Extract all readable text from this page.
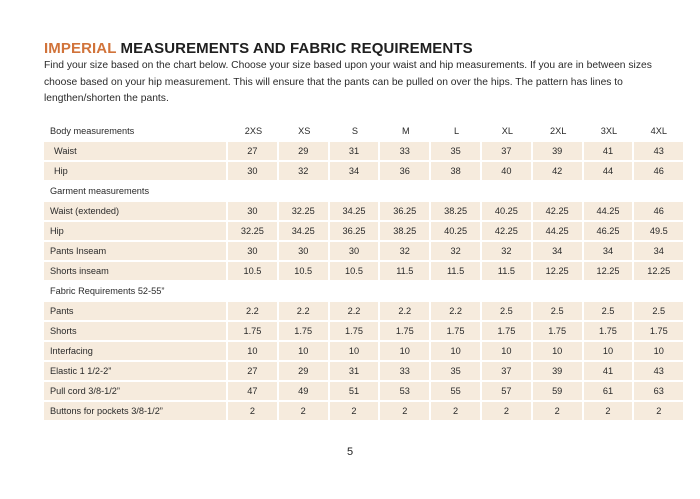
IMPERIAL MEASUREMENTS AND FABRIC REQUIREMENTS

Find your size based on the chart below. Choose your size based upon your waist and hip measurements. If you are in between sizes choose based on your hip measurement. This will ensure that the pants can be pulled on over the hips. The pattern has lines to lengthen/shorten the pants.

Body measurements	2XS	XS	S	M	L	XL	2XL	3XL	4XL
Waist	27	29	31	33	35	37	39	41	43
Hip	30	32	34	36	38	40	42	44	46
Garment measurements									
Waist (extended)	30	32.25	34.25	36.25	38.25	40.25	42.25	44.25	46
Hip	32.25	34.25	36.25	38.25	40.25	42.25	44.25	46.25	49.5
Pants Inseam	30	30	30	32	32	32	34	34	34
Shorts inseam	10.5	10.5	10.5	11.5	11.5	11.5	12.25	12.25	12.25
Fabric Requirements 52-55”									
Pants	2.2	2.2	2.2	2.2	2.2	2.5	2.5	2.5	2.5
Shorts	1.75	1.75	1.75	1.75	1.75	1.75	1.75	1.75	1.75
Interfacing	10	10	10	10	10	10	10	10	10
Elastic 1 1/2-2”	27	29	31	33	35	37	39	41	43
Pull cord 3/8-1/2”	47	49	51	53	55	57	59	61	63
Buttons for pockets 3/8-1/2”	2	2	2	2	2	2	2	2	2
5
